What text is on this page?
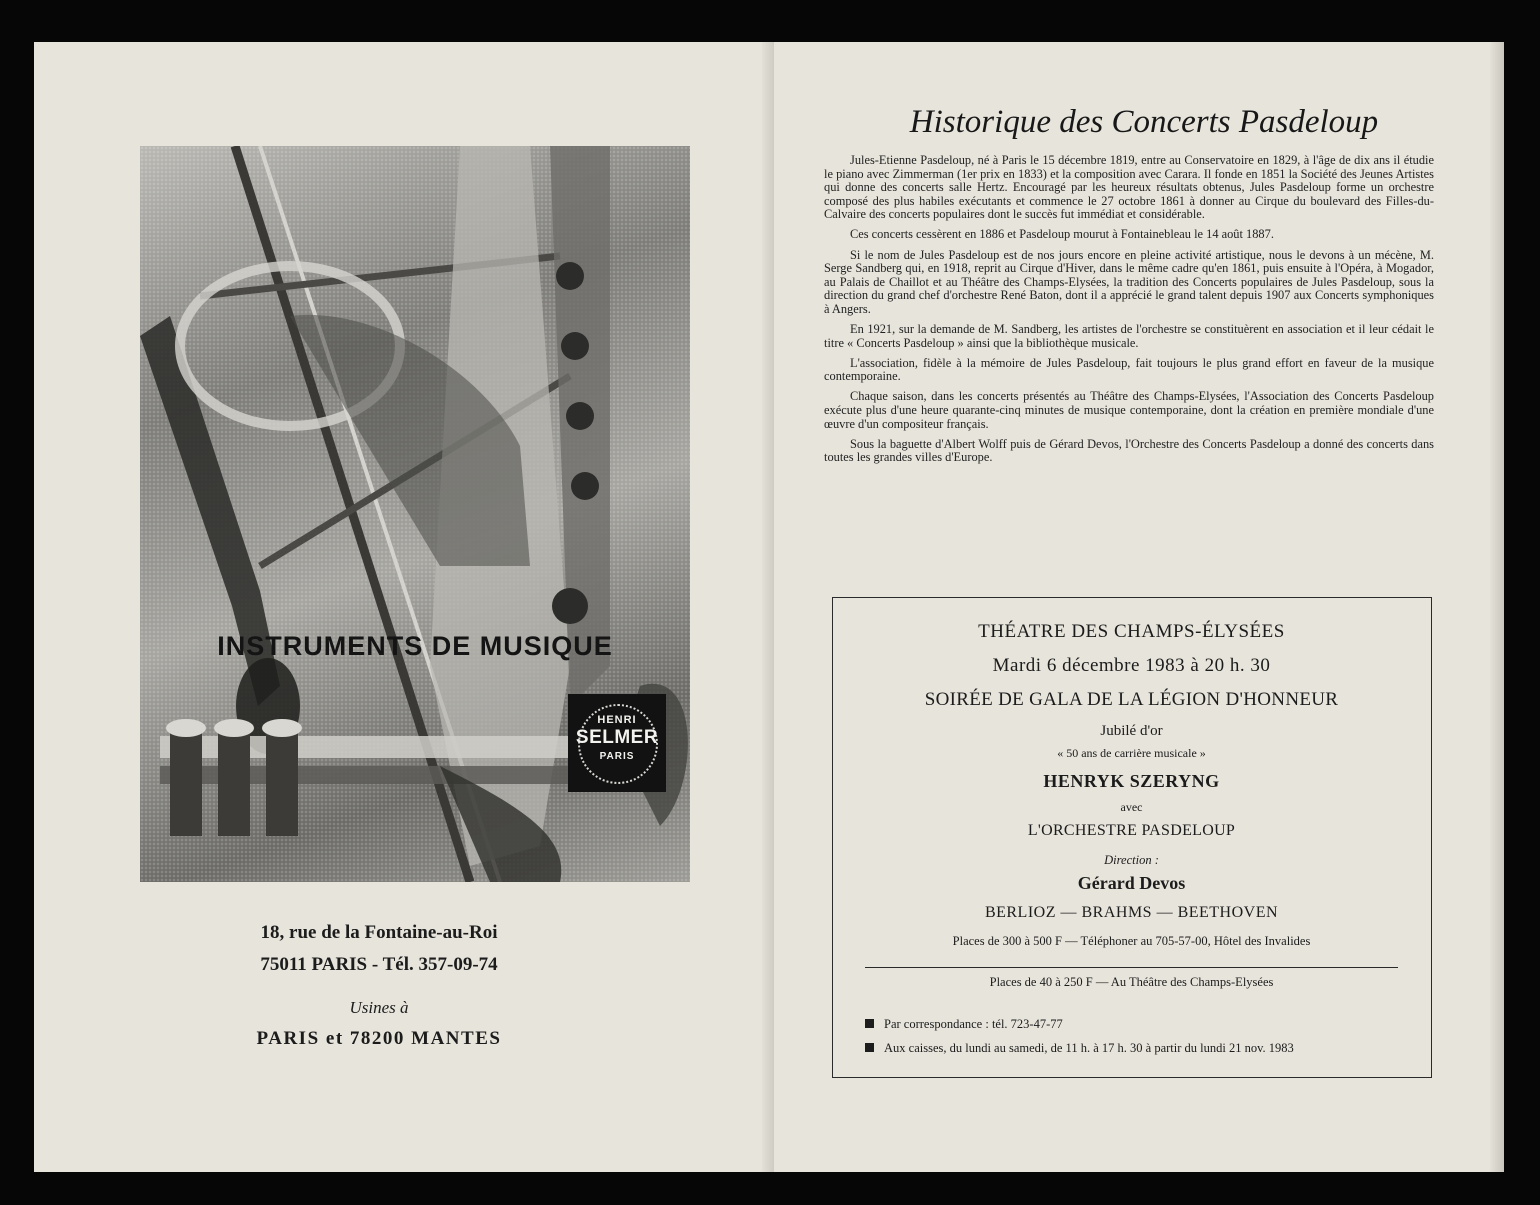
INSTRUMENTS DE MUSIQUE
HENRI
SELMER
PARIS
18, rue de la Fontaine-au-Roi
75011 PARIS - Tél. 357-09-74
Usines à
PARIS et 78200 MANTES
Historique des Concerts Pasdeloup

Jules-Etienne Pasdeloup, né à Paris le 15 décembre 1819, entre au Conservatoire en 1829, à l'âge de dix ans il étudie le piano avec Zimmerman (1er prix en 1833) et la composition avec Carara. Il fonde en 1851 la Société des Jeunes Artistes qui donne des concerts salle Hertz. Encouragé par les heureux résultats obtenus, Jules Pasdeloup forme un orchestre composé des plus habiles exécutants et commence le 27 octobre 1861 à donner au Cirque du boulevard des Filles-du-Calvaire des concerts populaires dont le succès fut immédiat et considérable.

Ces concerts cessèrent en 1886 et Pasdeloup mourut à Fontainebleau le 14 août 1887.

Si le nom de Jules Pasdeloup est de nos jours encore en pleine activité artistique, nous le devons à un mécène, M. Serge Sandberg qui, en 1918, reprit au Cirque d'Hiver, dans le même cadre qu'en 1861, puis ensuite à l'Opéra, à Mogador, au Palais de Chaillot et au Théâtre des Champs-Elysées, la tradition des Concerts populaires de Jules Pasdeloup, sous la direction du grand chef d'orchestre René Baton, dont il a apprécié le grand talent depuis 1907 aux Concerts symphoniques à Angers.

En 1921, sur la demande de M. Sandberg, les artistes de l'orchestre se constituèrent en association et il leur cédait le titre « Concerts Pasdeloup » ainsi que la bibliothèque musicale.

L'association, fidèle à la mémoire de Jules Pasdeloup, fait toujours le plus grand effort en faveur de la musique contemporaine.

Chaque saison, dans les concerts présentés au Théâtre des Champs-Elysées, l'Association des Concerts Pasdeloup exécute plus d'une heure quarante-cinq minutes de musique contemporaine, dont la création en première mondiale d'une œuvre d'un compositeur français.

Sous la baguette d'Albert Wolff puis de Gérard Devos, l'Orchestre des Concerts Pasdeloup a donné des concerts dans toutes les grandes villes d'Europe.

THÉATRE DES CHAMPS-ÉLYSÉES
Mardi 6 décembre 1983 à 20 h. 30
SOIRÉE DE GALA DE LA LÉGION D'HONNEUR
Jubilé d'or
« 50 ans de carrière musicale »
HENRYK SZERYNG
avec
L'ORCHESTRE PASDELOUP
Direction :
Gérard Devos
BERLIOZ — BRAHMS — BEETHOVEN
Places de 300 à 500 F — Téléphoner au 705-57-00, Hôtel des Invalides
Places de 40 à 250 F — Au Théâtre des Champs-Elysées
Par correspondance : tél. 723-47-77
Aux caisses, du lundi au samedi, de 11 h. à 17 h. 30 à partir du lundi 21 nov. 1983
